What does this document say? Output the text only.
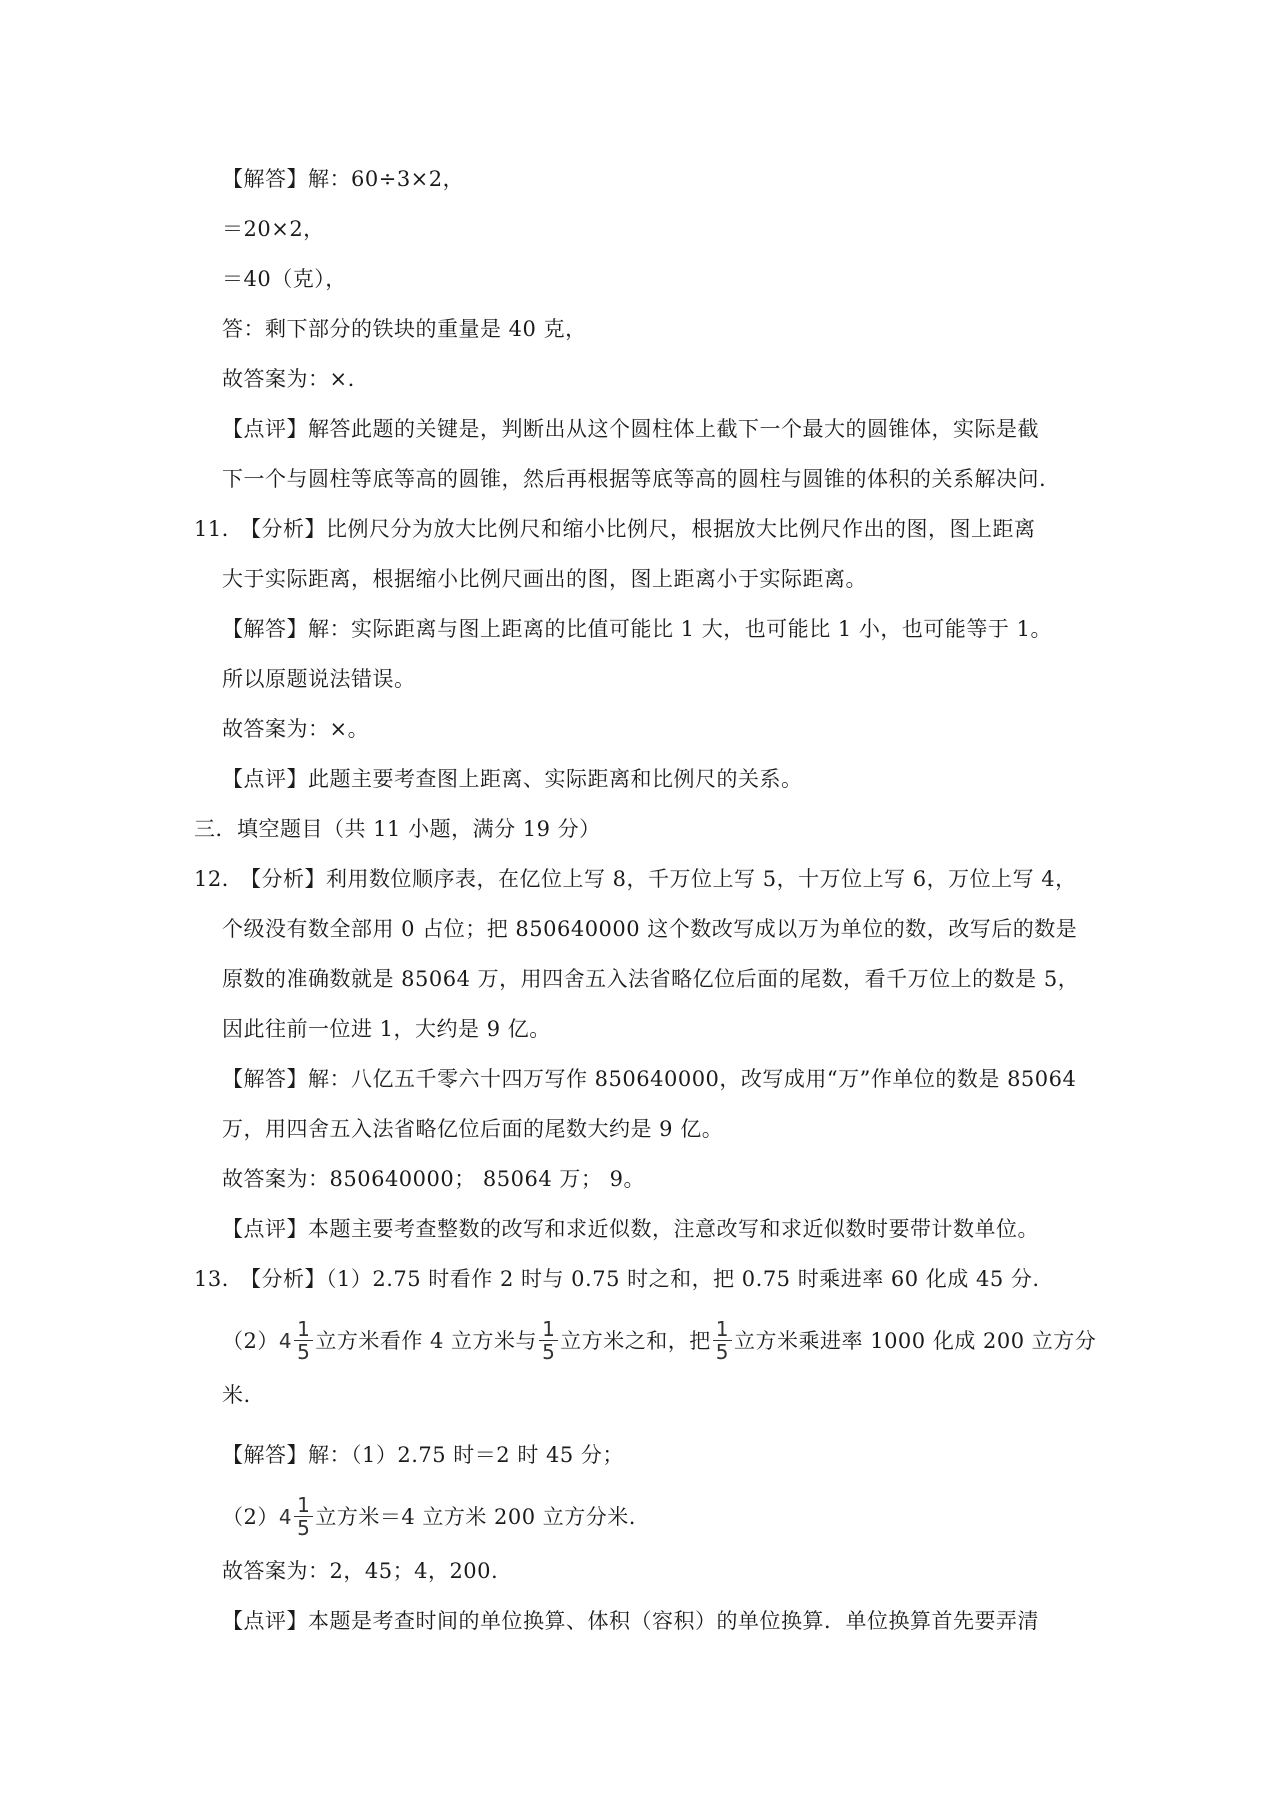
【解答】解：60÷3×2，
＝20×2，
＝40（克），
答：剩下部分的铁块的重量是 40 克，
故答案为：×.
【点评】解答此题的关键是，判断出从这个圆柱体上截下一个最大的圆锥体，实际是截
下一个与圆柱等底等高的圆锥，然后再根据等底等高的圆柱与圆锥的体积的关系解决问.
11．
【分析】比例尺分为放大比例尺和缩小比例尺，根据放大比例尺作出的图，图上距离
大于实际距离，根据缩小比例尺画出的图，图上距离小于实际距离。
【解答】解：实际距离与图上距离的比值可能比 1 大，也可能比 1 小，也可能等于 1。
所以原题说法错误。
故答案为：×。
【点评】此题主要考查图上距离、实际距离和比例尺的关系。
三．填空题目（共 11 小题，满分 19 分）
12．
【分析】利用数位顺序表，在亿位上写 8，千万位上写 5，十万位上写 6，万位上写 4，
个级没有数全部用 0 占位；把 850640000 这个数改写成以万为单位的数，改写后的数是
原数的准确数就是 85064 万，用四舍五入法省略亿位后面的尾数，看千万位上的数是 5，
因此往前一位进 1，大约是 9 亿。
【解答】解：八亿五千零六十四万写作 850640000，改写成用“万”作单位的数是 85064
万，用四舍五入法省略亿位后面的尾数大约是 9 亿。
故答案为：850640000； 85064 万； 9。
【点评】本题主要考查整数的改写和求近似数，注意改写和求近似数时要带计数单位。
13．
【分析】（1）2.75 时看作 2 时与 0.75 时之和，把 0.75 时乘进率 60 化成 45 分.
$(2)4 \frac{1}{5}$ 立方米看作 4 立方米与 $\frac{1}{5}$ 立方米之和，把 $\frac{1}{5}$ 立方米乘进率 1000 化成 200 立方分
米.
【解答】解：（1）2.75 时＝2 时 45 分；
$(2)4 \frac{1}{5}$ 立方米＝4 立方米 200 立方分米.
故答案为：2，45；4，200.
【点评】本题是考查时间的单位换算、体积（容积）的单位换算．单位换算首先要弄清
